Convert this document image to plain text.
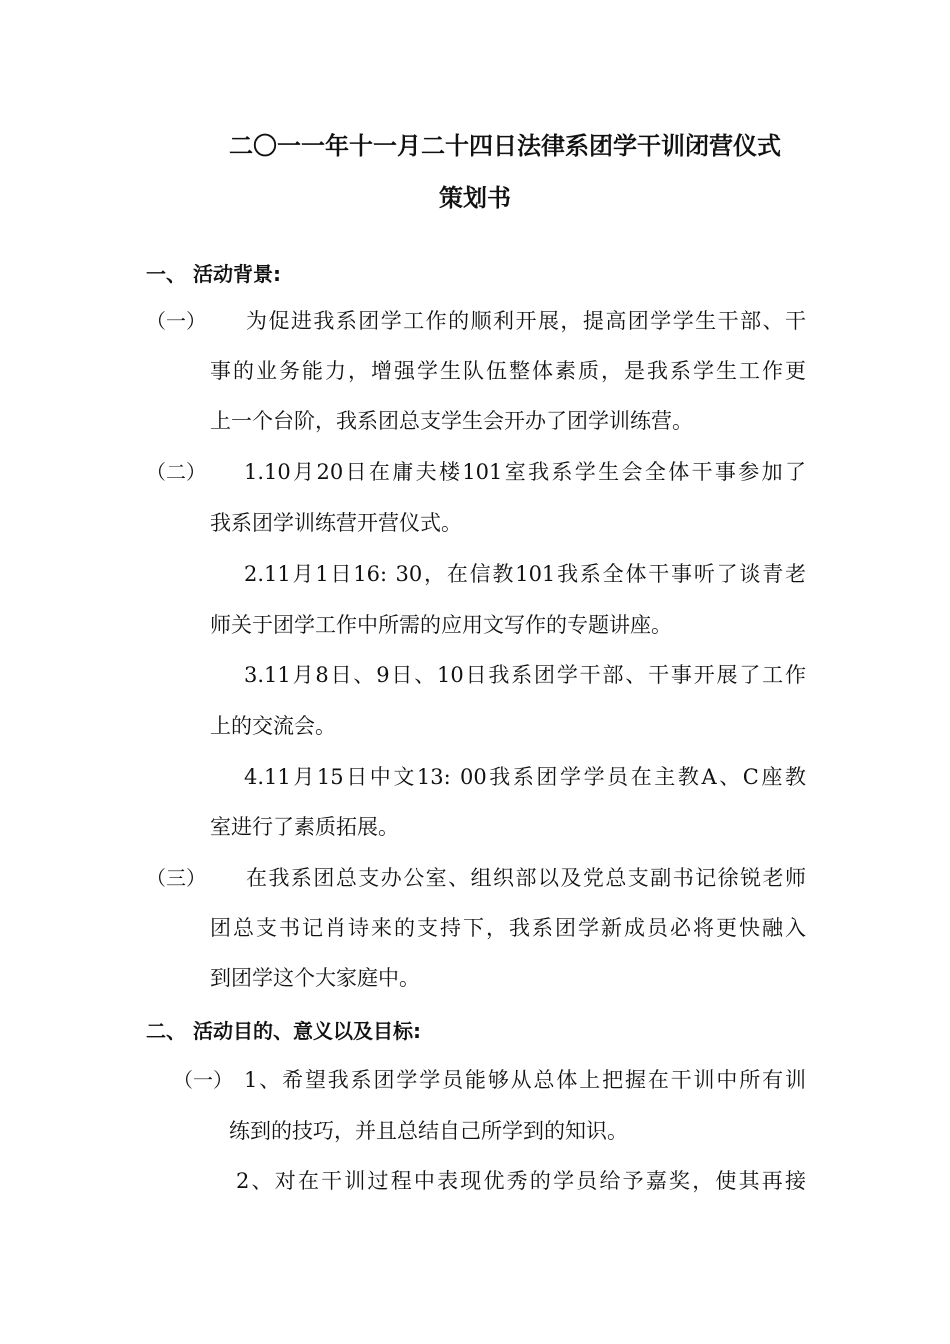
二〇一一年十一月二十四日法律系团学干训闭营仪式
策划书
一、 活动背景:
（一） 为促进我系团学工作的顺利开展，提高团学学生干部、干
事的业务能力，增强学生队伍整体素质，是我系学生工作更
上一个台阶，我系团总支学生会开办了团学训练营。
（二） 1.10月20日在庸夫楼101室我系学生会全体干事参加了
我系团学训练营开营仪式。
2.11月1日16: 30，在信教101我系全体干事听了谈青老
师关于团学工作中所需的应用文写作的专题讲座。
3.11月8日、9日、10日我系团学干部、干事开展了工作
上的交流会。
4.11月15日中文13: 00我系团学学员在主教A、C座教
室进行了素质拓展。
（三） 在我系团总支办公室、组织部以及党总支副书记徐锐老师
团总支书记肖诗来的支持下，我系团学新成员必将更快融入
到团学这个大家庭中。
二、 活动目的、意义以及目标:
（一） 1、希望我系团学学员能够从总体上把握在干训中所有训
练到的技巧，并且总结自己所学到的知识。
2、对在干训过程中表现优秀的学员给予嘉奖，使其再接
